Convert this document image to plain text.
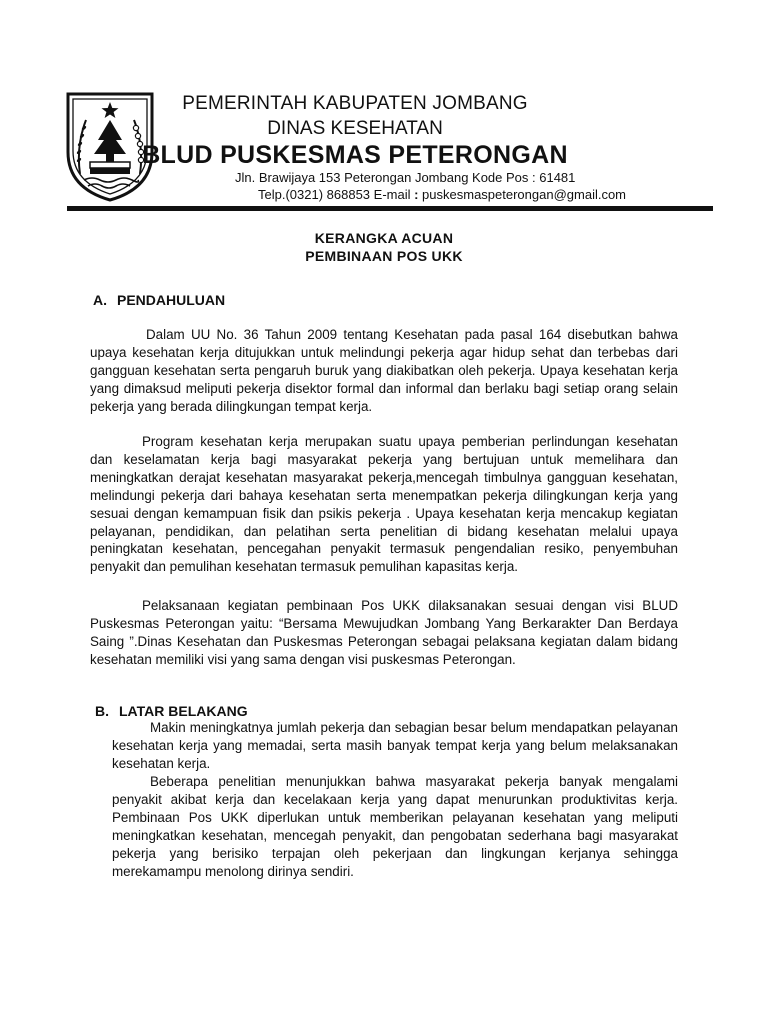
PEMERINTAH KABUPATEN JOMBANG
DINAS KESEHATAN
BLUD PUSKESMAS PETERONGAN
Jln. Brawijaya 153 Peterongan Jombang Kode Pos : 61481
Telp.(0321) 868853 E-mail : puskesmaspeterongan@gmail.com
KERANGKA ACUAN
PEMBINAAN POS UKK
A. PENDAHULUAN

Dalam UU No. 36 Tahun 2009 tentang Kesehatan pada pasal 164 disebutkan bahwa upaya kesehatan kerja ditujukkan untuk melindungi pekerja agar hidup sehat dan terbebas dari gangguan kesehatan serta pengaruh buruk yang diakibatkan oleh pekerja. Upaya kesehatan kerja yang dimaksud meliputi pekerja disektor formal dan informal dan berlaku bagi setiap orang selain pekerja yang berada dilingkungan tempat kerja.

Program kesehatan kerja merupakan suatu upaya pemberian perlindungan kesehatan dan keselamatan kerja bagi masyarakat pekerja yang bertujuan untuk memelihara dan meningkatkan derajat kesehatan masyarakat pekerja,mencegah timbulnya gangguan kesehatan, melindungi pekerja dari bahaya kesehatan serta menempatkan pekerja dilingkungan kerja yang sesuai dengan kemampuan fisik dan psikis pekerja . Upaya kesehatan kerja mencakup kegiatan pelayanan, pendidikan, dan pelatihan serta penelitian di bidang kesehatan melalui upaya peningkatan kesehatan, pencegahan penyakit termasuk pengendalian resiko, penyembuhan penyakit dan pemulihan kesehatan termasuk pemulihan kapasitas kerja.

Pelaksanaan kegiatan pembinaan Pos UKK dilaksanakan sesuai dengan visi BLUD Puskesmas Peterongan yaitu: “Bersama Mewujudkan Jombang Yang Berkarakter Dan Berdaya Saing ”.Dinas Kesehatan dan Puskesmas Peterongan sebagai pelaksana kegiatan dalam bidang kesehatan memiliki visi yang sama dengan visi puskesmas Peterongan.

B. LATAR BELAKANG

Makin meningkatnya jumlah pekerja dan sebagian besar belum mendapatkan pelayanan kesehatan kerja yang memadai, serta masih banyak tempat kerja yang belum melaksanakan kesehatan kerja.

Beberapa penelitian menunjukkan bahwa masyarakat pekerja banyak mengalami penyakit akibat kerja dan kecelakaan kerja yang dapat menurunkan produktivitas kerja. Pembinaan Pos UKK diperlukan untuk memberikan pelayanan kesehatan yang meliputi meningkatkan kesehatan, mencegah penyakit, dan pengobatan sederhana bagi masyarakat pekerja yang berisiko terpajan oleh pekerjaan dan lingkungan kerjanya sehingga merekamampu menolong dirinya sendiri.
